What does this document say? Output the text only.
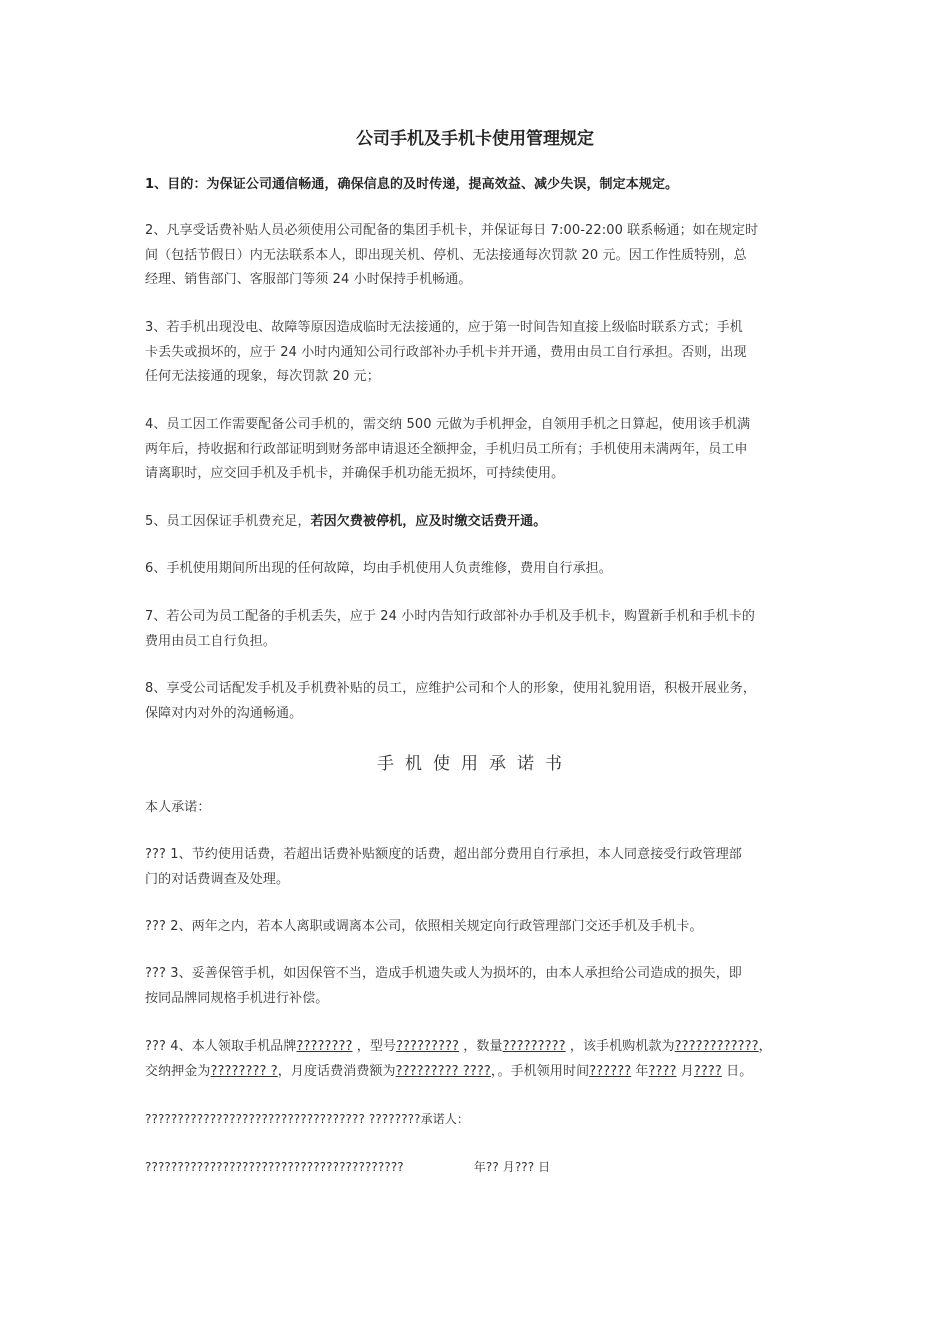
公司手机及手机卡使用管理规定
1、目的：为保证公司通信畅通，确保信息的及时传递，提高效益、减少失误，制定本规定。
2、凡享受话费补贴人员必须使用公司配备的集团手机卡，并保证每日 7:00-22:00 联系畅通；如在规定时
间（包括节假日）内无法联系本人，即出现关机、停机、无法接通每次罚款 20 元。因工作性质特别，总
经理、销售部门、客服部门等须 24 小时保持手机畅通。
3、若手机出现没电、故障等原因造成临时无法接通的，应于第一时间告知直接上级临时联系方式；手机
卡丢失或损坏的，应于 24 小时内通知公司行政部补办手机卡并开通，费用由员工自行承担。否则，出现
任何无法接通的现象，每次罚款 20 元；
4、员工因工作需要配备公司手机的，需交纳 500 元做为手机押金，自领用手机之日算起，使用该手机满
两年后，持收据和行政部证明到财务部申请退还全额押金，手机归员工所有；手机使用未满两年，员工申
请离职时，应交回手机及手机卡，并确保手机功能无损坏，可持续使用。
5、员工因保证手机费充足，若因欠费被停机，应及时缴交话费开通。
6、手机使用期间所出现的任何故障，均由手机使用人负责维修，费用自行承担。
7、若公司为员工配备的手机丢失，应于 24 小时内告知行政部补办手机及手机卡，购置新手机和手机卡的
费用由员工自行负担。
8、享受公司话配发手机及手机费补贴的员工，应维护公司和个人的形象，使用礼貌用语，积极开展业务，
保障对内对外的沟通畅通。
手机使用承诺书
本人承诺：
??? 1、节约使用话费，若超出话费补贴额度的话费，超出部分费用自行承担，本人同意接受行政管理部
门的对话费调查及处理。
??? 2、两年之内，若本人离职或调离本公司，依照相关规定向行政管理部门交还手机及手机卡。
??? 3、妥善保管手机，如因保管不当，造成手机遗失或人为损坏的，由本人承担给公司造成的损失，即
按同品牌同规格手机进行补偿。
??? 4、本人领取手机品牌???????? ，型号????????? ，数量????????? ，该手机购机款为????????????，
交纳押金为???????? ?，月度话费消费额为????????? ????，。手机领用时间?????? 年???? 月???? 日。
?????????????????????????????????? ????????承诺人：
????????????????????????????????????????	年?? 月??? 日
